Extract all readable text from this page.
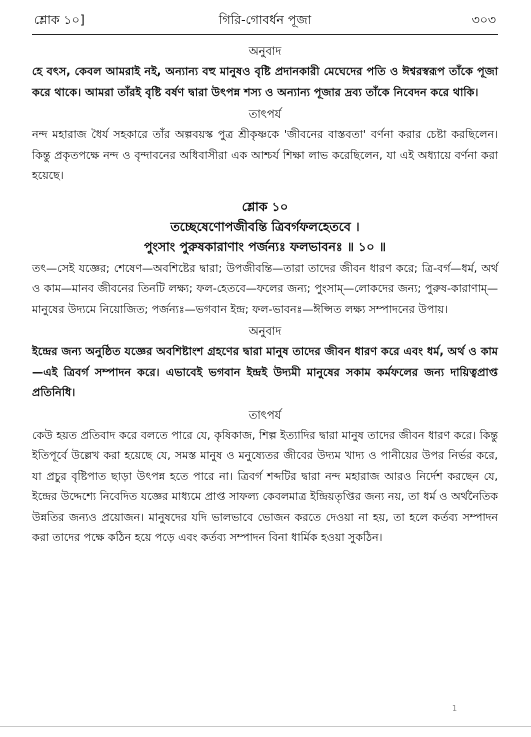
শ্লোক ১০]	গিরি-গোবর্ধন পূজা	৩০৩
অনুবাদ

হে বৎস, কেবল আমরাই নই, অন্যান্য বহু মানুষও বৃষ্টি প্রদানকারী মেঘেদের পতি ও ঈশ্বরস্বরূপ তাঁকে পূজা করে থাকে। আমরা তাঁরই বৃষ্টি বর্ষণ দ্বারা উৎপন্ন শস্য ও অন্যান্য পূজার দ্রব্য তাঁকে নিবেদন করে থাকি।

তাৎপর্য

নন্দ মহারাজ ধৈর্য সহকারে তাঁর অল্পবয়স্ক পুত্র শ্রীকৃষ্ণকে 'জীবনের বাস্তবতা' বর্ণনা করার চেষ্টা করছিলেন। কিন্তু প্রকৃতপক্ষে নন্দ ও বৃন্দাবনের অধিবাসীরা এক আশ্চর্য শিক্ষা লাভ করেছিলেন, যা এই অধ্যায়ে বর্ণনা করা হয়েছে।

শ্লোক ১০
তচ্ছেষেণোপজীবন্তি ত্রিবর্গফলহেতবে ।
পুংসাং পুরুষকারাণাং পর্জন্যঃ ফলভাবনঃ ॥ ১০ ॥

তৎ—সেই যজ্ঞের; শেষেণ—অবশিষ্টের দ্বারা; উপজীবন্তি—তারা তাদের জীবন ধারণ করে; ত্রি-বর্গ—ধর্ম, অর্থ ও কাম—মানব জীবনের তিনটি লক্ষ্য; ফল-হেতবে—ফলের জন্য; পুংসাম্—লোকদের জন্য; পুরুষ-কারাণাম্—মানুষের উদ্যমে নিয়োজিত; পর্জন্যঃ—ভগবান ইন্দ্র; ফল-ভাবনঃ—ঈপ্সিত লক্ষ্য সম্পাদনের উপায়।

অনুবাদ

ইন্দ্রের জন্য অনুষ্ঠিত যজ্ঞের অবশিষ্টাংশ গ্রহণের দ্বারা মানুষ তাদের জীবন ধারণ করে এবং ধর্ম, অর্থ ও কাম—এই ত্রিবর্গ সম্পাদন করে। এভাবেই ভগবান ইন্দ্রই উদ্যমী মানুষের সকাম কর্মফলের জন্য দায়িত্বপ্রাপ্ত প্রতিনিধি।

তাৎপর্য

কেউ হয়ত প্রতিবাদ করে বলতে পারে যে, কৃষিকাজ, শিল্প ইত্যাদির দ্বারা মানুষ তাদের জীবন ধারণ করে। কিন্তু ইতিপূর্বে উল্লেখ করা হয়েছে যে, সমস্ত মানুষ ও মনুষ্যেতর জীবের উদ্যম খাদ্য ও পানীয়ের উপর নির্ভর করে, যা প্রচুর বৃষ্টিপাত ছাড়া উৎপন্ন হতে পারে না। ত্রিবর্গ শব্দটির দ্বারা নন্দ মহারাজ আরও নির্দেশ করছেন যে, ইন্দ্রের উদ্দেশ্যে নিবেদিত যজ্ঞের মাধ্যমে প্রাপ্ত সাফল্য কেবলমাত্র ইন্দ্রিয়তৃপ্তির জন্য নয়, তা ধর্ম ও অর্থনৈতিক উন্নতির জন্যও প্রয়োজন। মানুষদের যদি ভালভাবে ভোজন করতে দেওয়া না হয়, তা হলে কর্তব্য সম্পাদন করা তাদের পক্ষে কঠিন হয়ে পড়ে এবং কর্তব্য সম্পাদন বিনা ধার্মিক হওয়া সুকঠিন।

1
